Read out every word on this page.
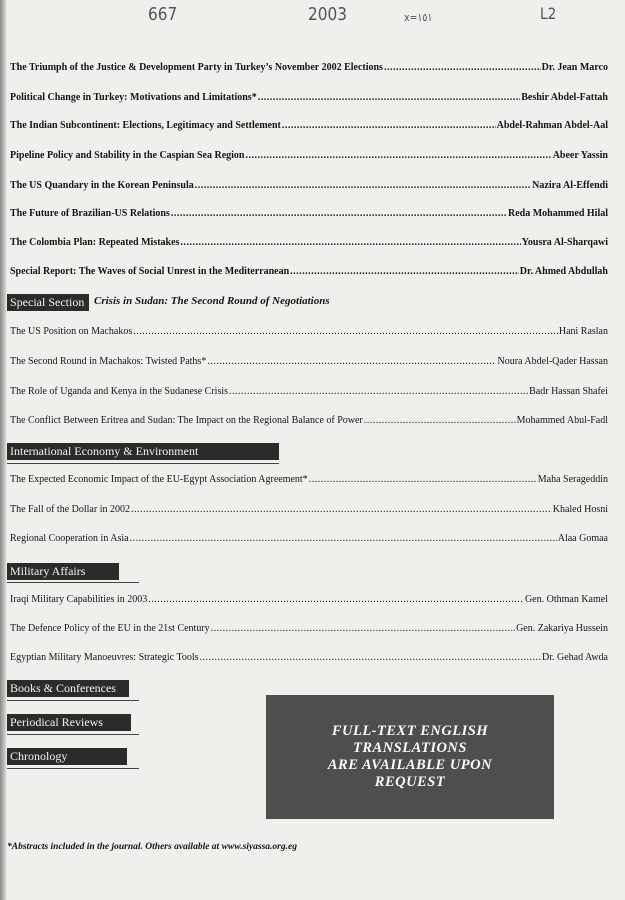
667	2003	x=١٥١	L2
The Triumph of the Justice & Development Party in Turkey’s November 2002 Elections .....	Dr. Jean Marco
Political Change in Turkey: Motivations and Limitations* .....	Beshir Abdel-Fattah
The Indian Subcontinent: Elections, Legitimacy and Settlement .....	Abdel-Rahman Abdel-Aal
Pipeline Policy and Stability in the Caspian Sea Region .....	Abeer Yassin
The US Quandary in the Korean Peninsula .....	Nazira Al-Effendi
The Future of Brazilian-US Relations .....	Reda Mohammed Hilal
The Colombia Plan: Repeated Mistakes .....	Yousra Al-Sharqawi
Special Report: The Waves of Social Unrest in the Mediterranean .....	Dr. Ahmed Abdullah
Special Section Crisis in Sudan: The Second Round of Negotiations
The US Position on Machakos .....	Hani Raslan
The Second Round in Machakos: Twisted Paths* .....	Noura Abdel-Qader Hassan
The Role of Uganda and Kenya in the Sudanese Crisis .....	Badr Hassan Shafei
The Conflict Between Eritrea and Sudan: The Impact on the Regional Balance of Power .....	Mohammed Abul-Fadl
International Economy & Environment
The Expected Economic Impact of the EU-Egypt Association Agreement* .....	Maha Serageddin
The Fall of the Dollar in 2002 .....	Khaled Hosni
Regional Cooperation in Asia .....	Alaa Gomaa
Military Affairs
Iraqi Military Capabilities in 2003 .....	Gen. Othman Kamel
The Defence Policy of the EU in the 21st Century .....	Gen. Zakariya Hussein
Egyptian Military Manoeuvres: Strategic Tools .....	Dr. Gehad Awda
Books & Conferences
Periodical Reviews
Chronology
FULL-TEXT ENGLISH
TRANSLATIONS
ARE AVAILABLE UPON
REQUEST
*Abstracts included in the journal. Others available at www.siyassa.org.eg
